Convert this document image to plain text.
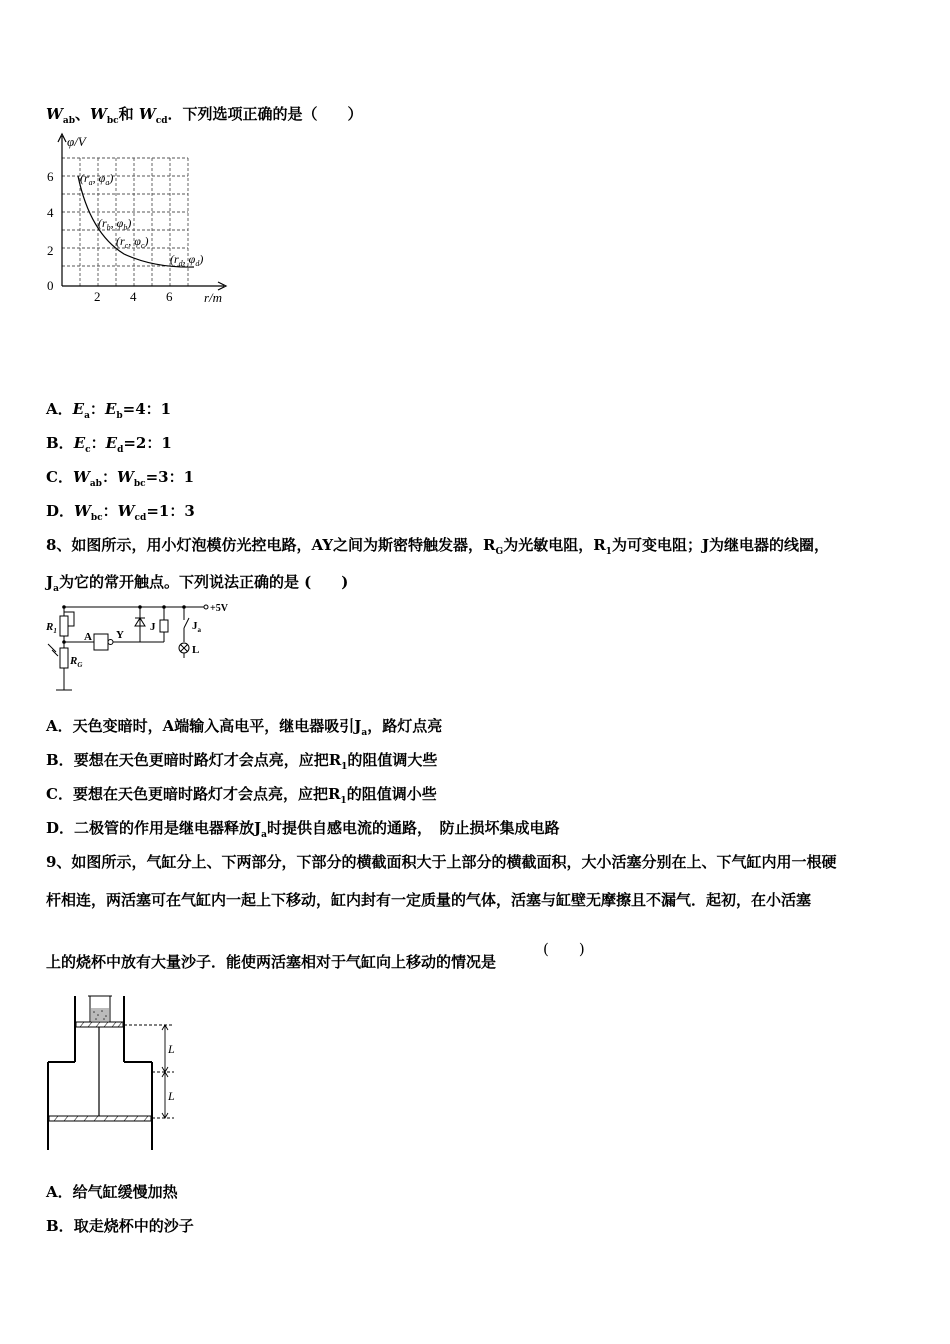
$W_{ab}$、$W_{bc}$和 $W_{cd}$．下列选项正确的是（　　）
φ/V
r/m
6
4
2
0
2 4 6
($r_a$, $\varphi_a$)
($r_b$, $\varphi_b$)
($r_c$, $\varphi_c$)
($r_d$, $\varphi_d$)
A．$E_a$：$E_b=4$：1
B．$E_c$：$E_d=2$：1
C．$W_{ab}$：$W_{bc}=3$：1
D．$W_{bc}$：$W_{cd}=1$：3
8、如图所示，用小灯泡模仿光控电路，AY之间为斯密特触发器，$R_G$为光敏电阻，$R_1$为可变电阻；J为继电器的线圈，
$J_a$为它的常开触点。下列说法正确的是 (　　)
+5V
$R_1$
$R_G$
A Y
J	$J_a$
L
A．天色变暗时，A端输入高电平，继电器吸引$J_a$，路灯点亮
B．要想在天色更暗时路灯才会点亮，应把$R_1$的阻值调大些
C．要想在天色更暗时路灯才会点亮，应把$R_1$的阻值调小些
D．二极管的作用是继电器释放$J_a$时提供自感电流的通路，　防止损坏集成电路
9、如图所示，气缸分上、下两部分，下部分的横截面积大于上部分的横截面积，大小活塞分别在上、下气缸内用一根硬
杆相连，两活塞可在气缸内一起上下移动，缸内封有一定质量的气体，活塞与缸壁无摩擦且不漏气．起初，在小活塞
上的烧杯中放有大量沙子．能使两活塞相对于气缸向上移动的情况是
(　　)
L
L
A．给气缸缓慢加热
B．取走烧杯中的沙子
